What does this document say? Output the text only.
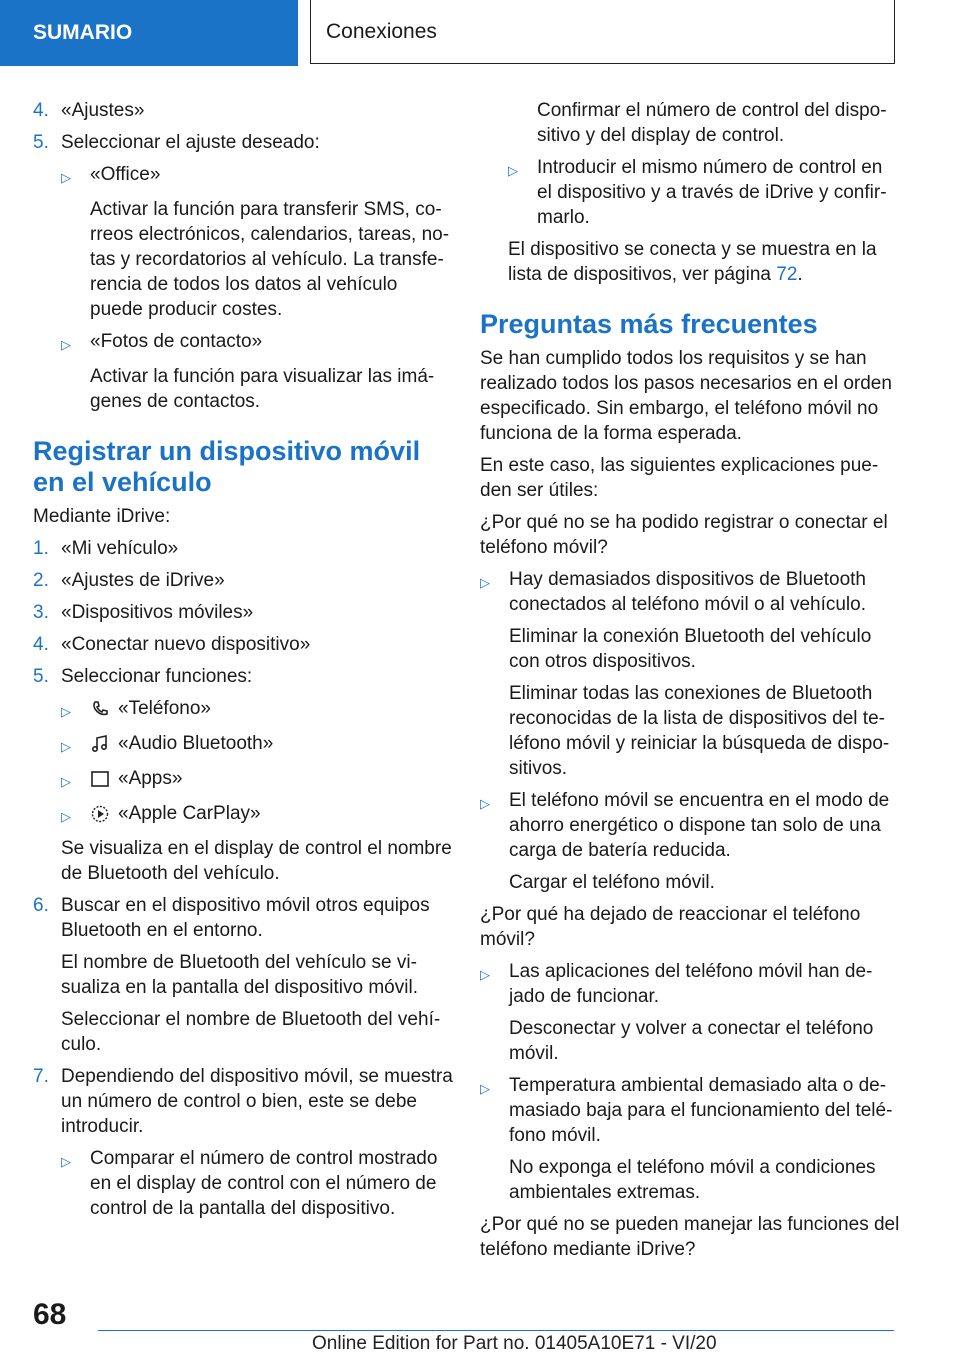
SUMARIO	Conexiones
4. «Ajustes»
5. Seleccionar el ajuste deseado:
▷	«Office»

Activar la función para transferir SMS, correos electrónicos, calendarios, tareas, notas y recordatorios al vehículo. La transferencia de todos los datos al vehículo puede producir costes.

▷	«Fotos de contacto»

Activar la función para visualizar las imágenes de contactos.

Registrar un dispositivo móvil en el vehículo

Mediante iDrive:

1. «Mi vehículo»
2. «Ajustes de iDrive»
3. «Dispositivos móviles»
4. «Conectar nuevo dispositivo»
5. Seleccionar funciones:
▷	«Teléfono»
▷	«Audio Bluetooth»
▷	«Apps»
▷	«Apple CarPlay»

Se visualiza en el display de control el nombre de Bluetooth del vehículo.

6. Buscar en el dispositivo móvil otros equipos Bluetooth en el entorno.

El nombre de Bluetooth del vehículo se visualiza en la pantalla del dispositivo móvil.

Seleccionar el nombre de Bluetooth del vehículo.

7. Dependiendo del dispositivo móvil, se muestra un número de control o bien, este se debe introducir.
▷	Comparar el número de control mostrado en el display de control con el número de control de la pantalla del dispositivo.

Confirmar el número de control del dispositivo y del display de control.

▷	Introducir el mismo número de control en el dispositivo y a través de iDrive y confirmarlo.

El dispositivo se conecta y se muestra en la lista de dispositivos, ver página 72.

Preguntas más frecuentes

Se han cumplido todos los requisitos y se han realizado todos los pasos necesarios en el orden especificado. Sin embargo, el teléfono móvil no funciona de la forma esperada.

En este caso, las siguientes explicaciones pueden ser útiles:

¿Por qué no se ha podido registrar o conectar el teléfono móvil?

▷	Hay demasiados dispositivos de Bluetooth conectados al teléfono móvil o al vehículo.

Eliminar la conexión Bluetooth del vehículo con otros dispositivos.

Eliminar todas las conexiones de Bluetooth reconocidas de la lista de dispositivos del teléfono móvil y reiniciar la búsqueda de dispositivos.

▷	El teléfono móvil se encuentra en el modo de ahorro energético o dispone tan solo de una carga de batería reducida.

Cargar el teléfono móvil.

¿Por qué ha dejado de reaccionar el teléfono móvil?

▷	Las aplicaciones del teléfono móvil han dejado de funcionar.

Desconectar y volver a conectar el teléfono móvil.

▷	Temperatura ambiental demasiado alta o demasiado baja para el funcionamiento del teléfono móvil.

No exponga el teléfono móvil a condiciones ambientales extremas.

¿Por qué no se pueden manejar las funciones del teléfono mediante iDrive?

68
Online Edition for Part no. 01405A10E71 - VI/20
